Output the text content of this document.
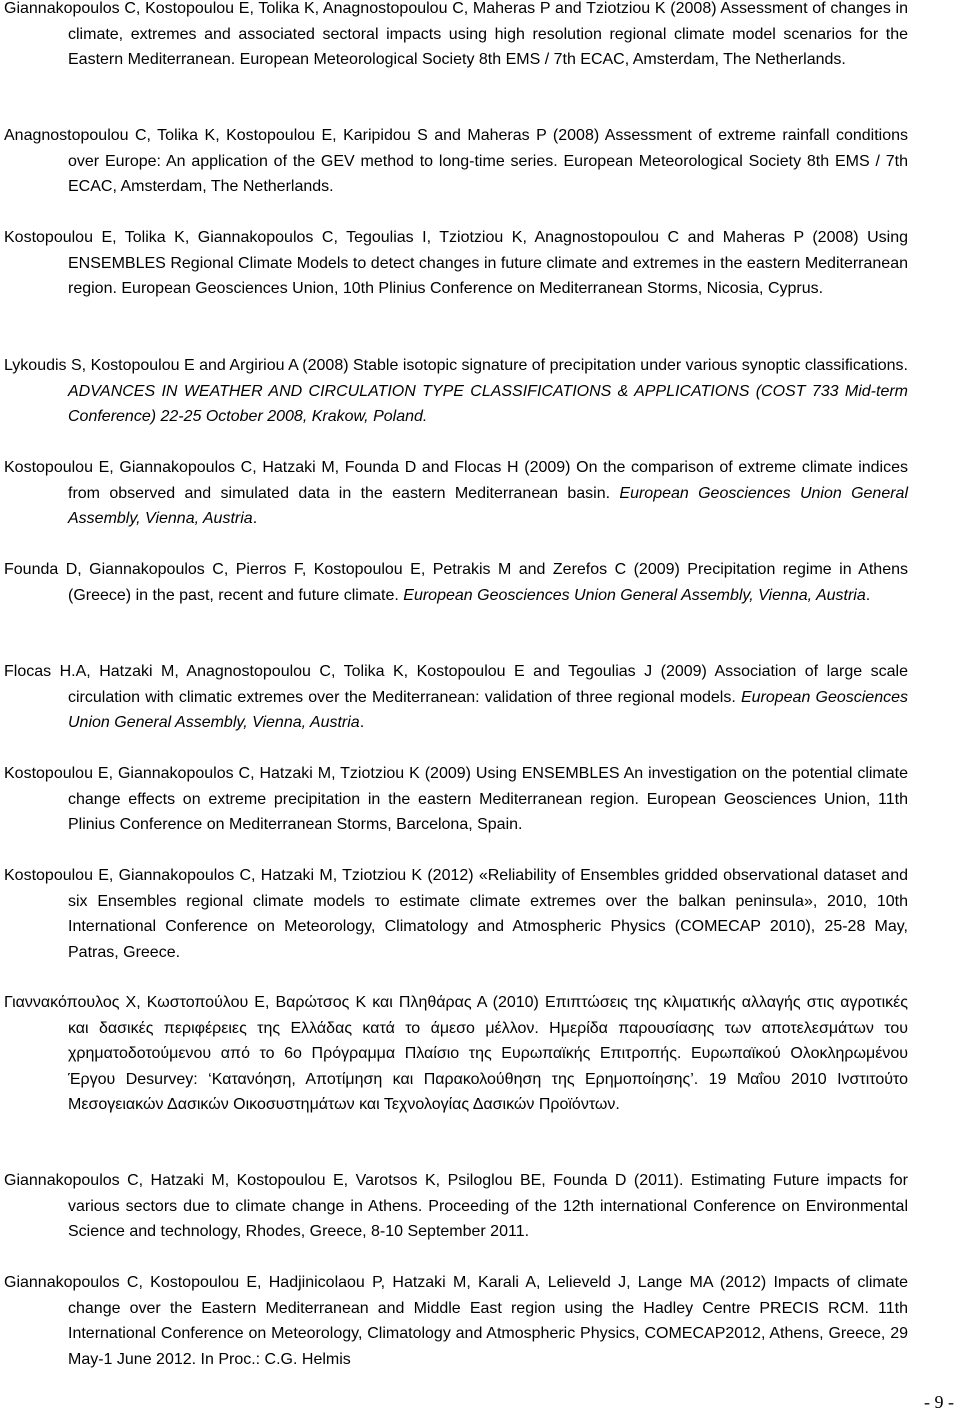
Giannakopoulos C, Kostopoulou E, Tolika K, Anagnostopoulou C, Maheras P and Tziotziou K (2008) Assessment of changes in climate, extremes and associated sectoral impacts using high resolution regional climate model scenarios for the Eastern Mediterranean. European Meteorological Society 8th EMS / 7th ECAC, Amsterdam, The Netherlands.

Anagnostopoulou C, Tolika K, Kostopoulou E, Karipidou S and Maheras P (2008) Assessment of extreme rainfall conditions over Europe: An application of the GEV method to long-time series. European Meteorological Society 8th EMS / 7th ECAC, Amsterdam, The Netherlands.

Kostopoulou E, Tolika K, Giannakopoulos C, Tegoulias I, Tziotziou K, Anagnostopoulou C and Maheras P (2008) Using ENSEMBLES Regional Climate Models to detect changes in future climate and extremes in the eastern Mediterranean region. European Geosciences Union, 10th Plinius Conference on Mediterranean Storms, Nicosia, Cyprus.

Lykoudis S, Kostopoulou E and Argiriou A (2008) Stable isotopic signature of precipitation under various synoptic classifications. ADVANCES IN WEATHER AND CIRCULATION TYPE CLASSIFICATIONS & APPLICATIONS (COST 733 Mid-term Conference) 22-25 October 2008, Krakow, Poland.

Kostopoulou E, Giannakopoulos C, Hatzaki M, Founda D and Flocas H (2009) On the comparison of extreme climate indices from observed and simulated data in the eastern Mediterranean basin. European Geosciences Union General Assembly, Vienna, Austria.

Founda D, Giannakopoulos C, Pierros F, Kostopoulou E, Petrakis M and Zerefos C (2009) Precipitation regime in Athens (Greece) in the past, recent and future climate. European Geosciences Union General Assembly, Vienna, Austria.

Flocas H.A, Hatzaki M, Anagnostopoulou C, Tolika K, Kostopoulou E and Tegoulias J (2009) Association of large scale circulation with climatic extremes over the Mediterranean: validation of three regional models. European Geosciences Union General Assembly, Vienna, Austria.

Kostopoulou E, Giannakopoulos C, Hatzaki M, Tziotziou K (2009) Using ENSEMBLES An investigation on the potential climate change effects on extreme precipitation in the eastern Mediterranean region. European Geosciences Union, 11th Plinius Conference on Mediterranean Storms, Barcelona, Spain.

Kostopoulou E, Giannakopoulos C, Hatzaki M, Tziotziou K (2012) «Reliability of Ensembles gridded observational dataset and six Ensembles regional climate models το estimate climate extremes over the balkan peninsula», 2010, 10th International Conference on Meteorology, Climatology and Atmospheric Physics (COMECAP 2010), 25-28 May, Patras, Greece.

Γιαννακόπουλος Χ, Κωστοπούλου Ε, Βαρώτσος Κ και Πληθάρας Α (2010) Επιπτώσεις της κλιματικής αλλαγής στις αγροτικές και δασικές περιφέρειες της Ελλάδας κατά το άμεσο μέλλον. Ημερίδα παρουσίασης των αποτελεσμάτων του χρηματοδοτούμενου από το 6ο Πρόγραμμα Πλαίσιο της Ευρωπαϊκής Επιτροπής. Ευρωπαϊκού Ολοκληρωμένου Έργου Desurvey: ‘Κατανόηση, Αποτίμηση και Παρακολούθηση της Ερημοποίησης’. 19 Μαΐου 2010 Ινστιτούτο Μεσογειακών Δασικών Οικοσυστημάτων και Τεχνολογίας Δασικών Προϊόντων.

Giannakopoulos C, Hatzaki M, Kostopoulou E, Varotsos K, Psiloglou BE, Founda D (2011). Estimating Future impacts for various sectors due to climate change in Athens. Proceeding of the 12th international Conference on Environmental Science and technology, Rhodes, Greece, 8-10 September 2011.

Giannakopoulos C, Kostopoulou E, Hadjinicolaou P, Hatzaki M, Karali A, Lelieveld J, Lange MA (2012) Impacts of climate change over the Eastern Mediterranean and Middle East region using the Hadley Centre PRECIS RCM. 11th International Conference on Meteorology, Climatology and Atmospheric Physics, COMECAP2012, Athens, Greece, 29 May-1 June 2012. In Proc.: C.G. Helmis

- 9 -
